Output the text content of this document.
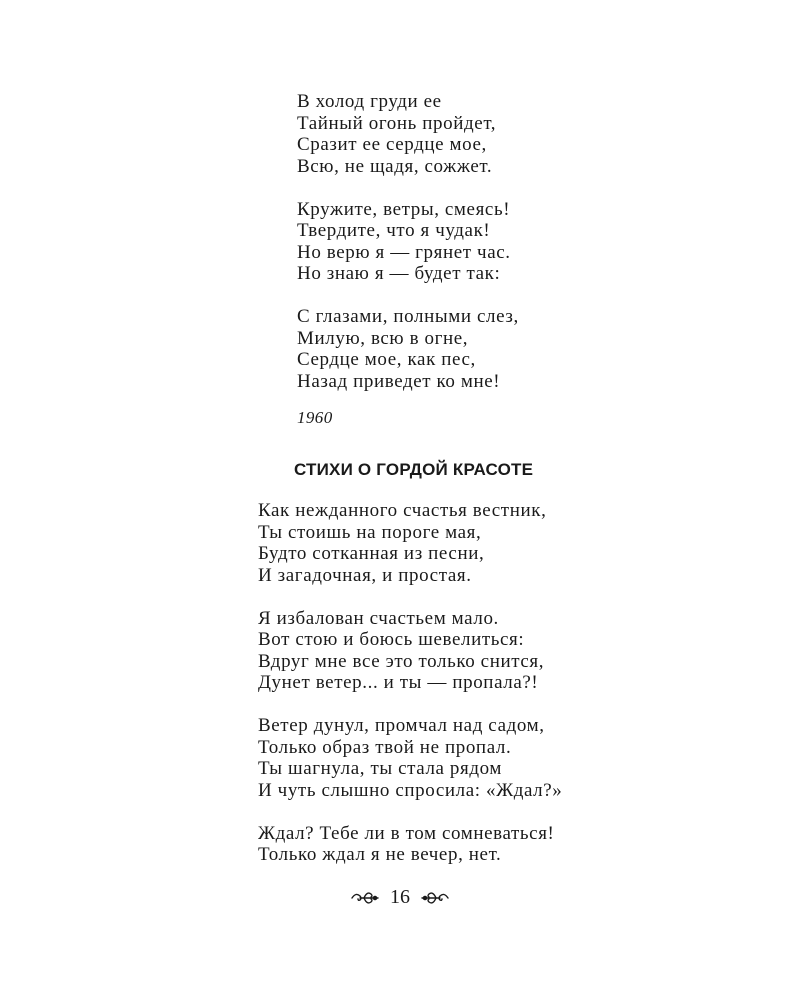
В холод груди ее
Тайный огонь пройдет,
Сразит ее сердце мое,
Всю, не щадя, сожжет.
Кружите, ветры, смеясь!
Твердите, что я чудак!
Но верю я — грянет час.
Но знаю я — будет так:
С глазами, полными слез,
Милую, всю в огне,
Сердце мое, как пес,
Назад приведет ко мне!
1960
СТИХИ О ГОРДОЙ КРАСОТЕ
Как нежданного счастья вестник,
Ты стоишь на пороге мая,
Будто сотканная из песни,
И загадочная, и простая.
Я избалован счастьем мало.
Вот стою и боюсь шевелиться:
Вдруг мне все это только снится,
Дунет ветер... и ты — пропала?!
Ветер дунул, промчал над садом,
Только образ твой не пропал.
Ты шагнула, ты стала рядом
И чуть слышно спросила: «Ждал?»
Ждал? Тебе ли в том сомневаться!
Только ждал я не вечер, нет.
16
